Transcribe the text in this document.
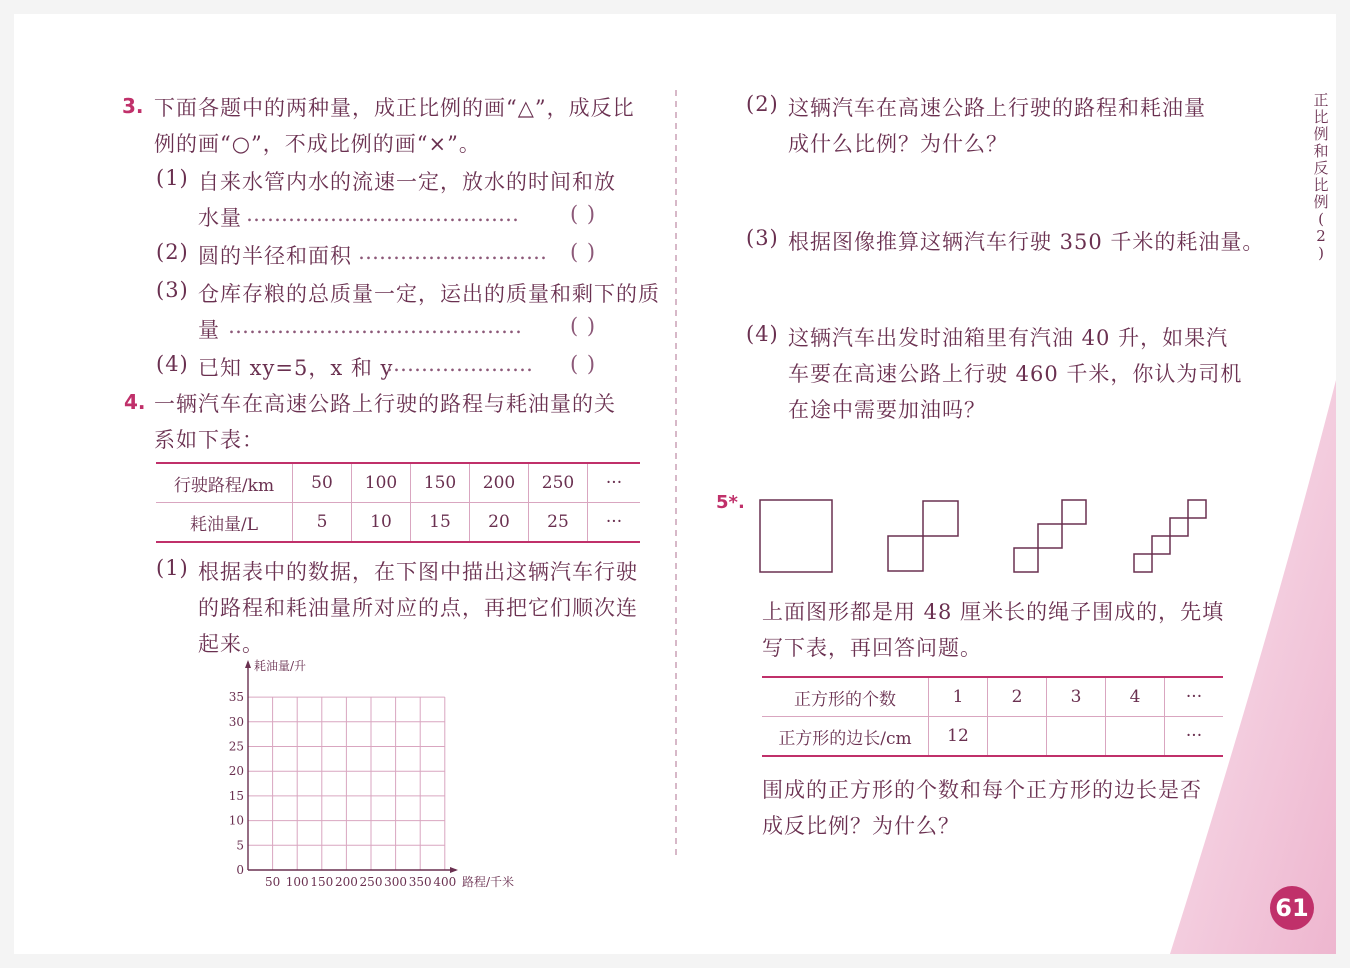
3. 下面各题中的两种量，成正比例的画“△”，成反比
例的画“○”，不成比例的画“×”。
(1) 自来水管内水的流速一定，放水的时间和放
水量 ………………………………… ( )
(2) 圆的半径和面积 ……………………… ( )
(3) 仓库存粮的总质量一定，运出的质量和剩下的质
量 …………………………………… ( )
(4) 已知 xy=5，x 和 y
………………… ( )
4. 一辆汽车在高速公路上行驶的路程与耗油量的关
系如下表：
行驶路程/km	50	100	150	200	250	···
耗油量/L	5	10	15	20	25	···
(1) 根据表中的数据，在下图中描出这辆汽车行驶
的路程和耗油量所对应的点，再把它们顺次连
起来。
35
30
25
20
15
10
5
0
50 100 150 200 250 300 350 400
耗油量/升
路程/千米
(2) 这辆汽车在高速公路上行驶的路程和耗油量
成什么比例？为什么？
(3) 根据图像推算这辆汽车行驶 350 千米的耗油量。
(4) 这辆汽车出发时油箱里有汽油 40 升，如果汽
车要在高速公路上行驶 460 千米，你认为司机
在途中需要加油吗？
5*.
上面图形都是用 48 厘米长的绳子围成的，先填
写下表，再回答问题。
正方形的个数	1	2	3	4	···
正方形的边长/cm	12				···
围成的正方形的个数和每个正方形的边长是否
成反比例？为什么？
正
比
例
和
反
比
例
(
2
)
61
